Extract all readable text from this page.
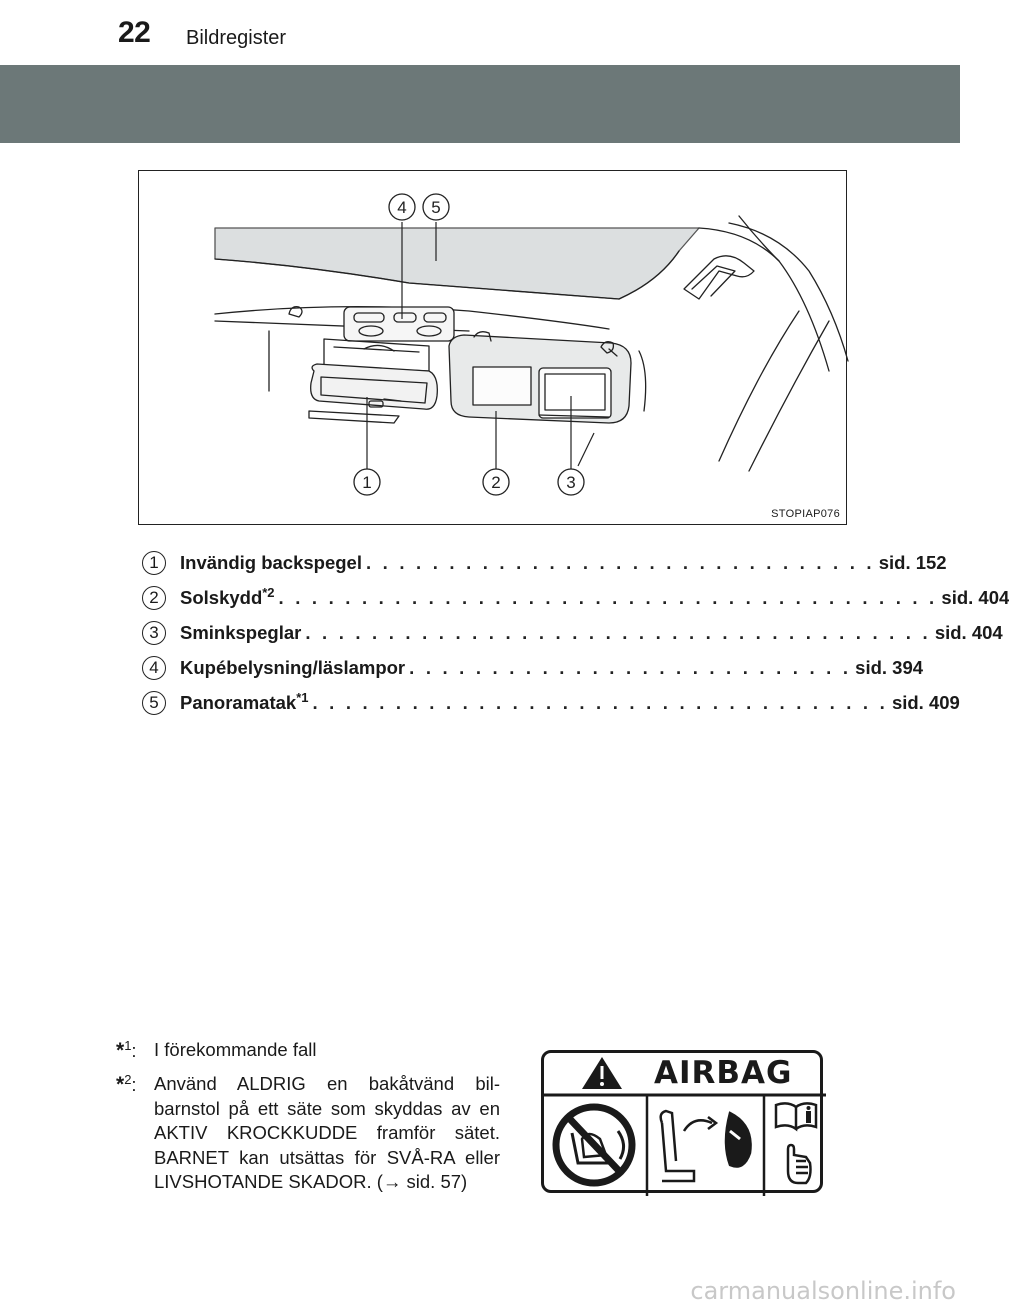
22 Bildregister
4 5
1	2	3
STOPIAP076
1	Invändig backspegel . . . . . . . . . . . . . . . . . . . . . . . . . . . . . . . sid. 152
2	Solskydd$^{*2}$ . . . . . . . . . . . . . . . . . . . . . . . . . . . . . . . . . . . . . . . . sid. 404
3	Sminkspeglar . . . . . . . . . . . . . . . . . . . . . . . . . . . . . . . . . . . . . . sid. 404
4	Kupébelysning/läslampor . . . . . . . . . . . . . . . . . . . . . . . . . . . sid. 394
5	Panoramatak$^{*1}$ . . . . . . . . . . . . . . . . . . . . . . . . . . . . . . . . . . . sid. 409
*$^1$: I förekommande fall
*$^2$: Använd ALDRIG en bakåtvänd bil-barnstol på ett säte som skyddas av en AKTIV KROCKKUDDE framför sätet. BARNET kan utsättas för SVÅ-RA eller LIVSHOTANDE SKADOR. (→ sid. 57)
AIRBAG
carmanualsonline.info
